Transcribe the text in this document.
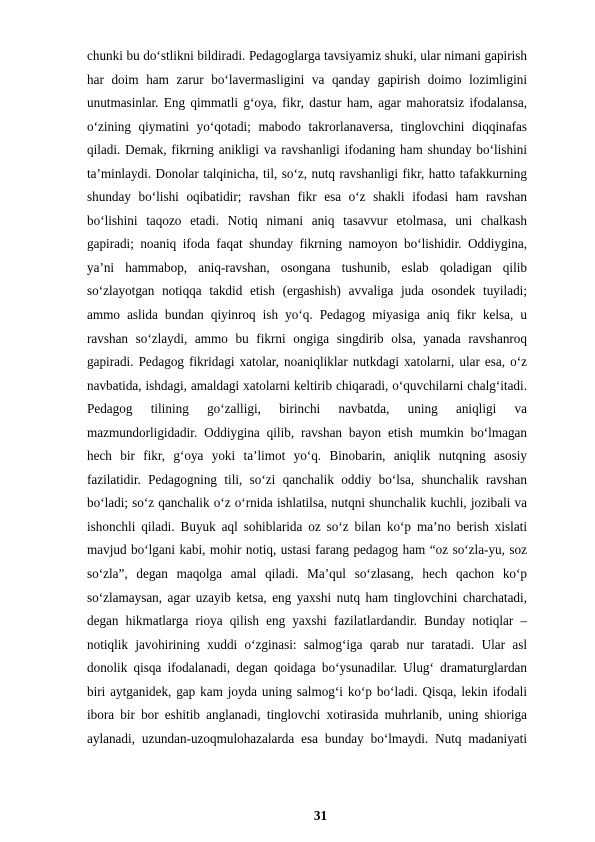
chunki bu do‘stlikni bildiradi. Pedagoglarga tavsiyamiz shuki, ular nimani gapirish
har doim ham zarur bo‘lavermasligini va qanday gapirish doimo lozimligini
unutmasinlar. Eng qimmatli g‘oya, fikr, dastur ham, agar mahoratsiz ifodalansa,
o‘zining qiymatini yo‘qotadi; mabodo takrorlanaversa, tinglovchini diqqinafas
qiladi. Demak, fikrning anikligi va ravshanligi ifodaning ham shunday bo‘lishini
ta’minlaydi. Donolar talqinicha, til, so‘z, nutq ravshanligi fikr, hatto tafakkurning
shunday bo‘lishi oqibatidir; ravshan fikr esa o‘z shakli ifodasi ham ravshan
bo‘lishini taqozo etadi. Notiq nimani aniq tasavvur etolmasa, uni chalkash
gapiradi; noaniq ifoda faqat shunday fikrning namoyon bo‘lishidir. Oddiygina,
ya’ni hammabop, aniq-ravshan, osongana tushunib, eslab qoladigan qilib
so‘zlayotgan notiqqa takdid etish (ergashish) avvaliga juda osondek tuyiladi;
ammo aslida bundan qiyinroq ish yo‘q. Pedagog miyasiga aniq fikr kelsa, u
ravshan so‘zlaydi, ammo bu fikrni ongiga singdirib olsa, yanada ravshanroq
gapiradi. Pedagog fikridagi xatolar, noaniqliklar nutkdagi xatolarni, ular esa, o‘z
navbatida, ishdagi, amaldagi xatolarni keltirib chiqaradi, o‘quvchilarni chalg‘itadi.
Pedagog tilining go‘zalligi, birinchi navbatda, uning aniqligi va
mazmundorligidadir. Oddiygina qilib, ravshan bayon etish mumkin bo‘lmagan
hech bir fikr, g‘oya yoki ta’limot yo‘q. Binobarin, aniqlik nutqning asosiy
fazilatidir. Pedagogning tili, so‘zi qanchalik oddiy bo‘lsa, shunchalik ravshan
bo‘ladi; so‘z qanchalik o‘z o‘rnida ishlatilsa, nutqni shunchalik kuchli, jozibali va
ishonchli qiladi. Buyuk aql sohiblarida oz so‘z bilan ko‘p ma’no berish xislati
mavjud bo‘lgani kabi, mohir notiq, ustasi farang pedagog ham “oz so‘zla-yu, soz
so‘zla”, degan maqolga amal qiladi. Ma’qul so‘zlasang, hech qachon ko‘p
so‘zlamaysan, agar uzayib ketsa, eng yaxshi nutq ham tinglovchini charchatadi,
degan hikmatlarga rioya qilish eng yaxshi fazilatlardandir. Bunday notiqlar –
notiqlik javohirining xuddi o‘zginasi: salmog‘iga qarab nur taratadi. Ular asl
donolik qisqa ifodalanadi, degan qoidaga bo‘ysunadilar. Ulug‘ dramaturglardan
biri aytganidek, gap kam joyda uning salmog‘i ko‘p bo‘ladi. Qisqa, lekin ifodali
ibora bir bor eshitib anglanadi, tinglovchi xotirasida muhrlanib, uning shioriga
aylanadi, uzundan-uzoqmulohazalarda esa bunday bo‘lmaydi. Nutq madaniyati
31
